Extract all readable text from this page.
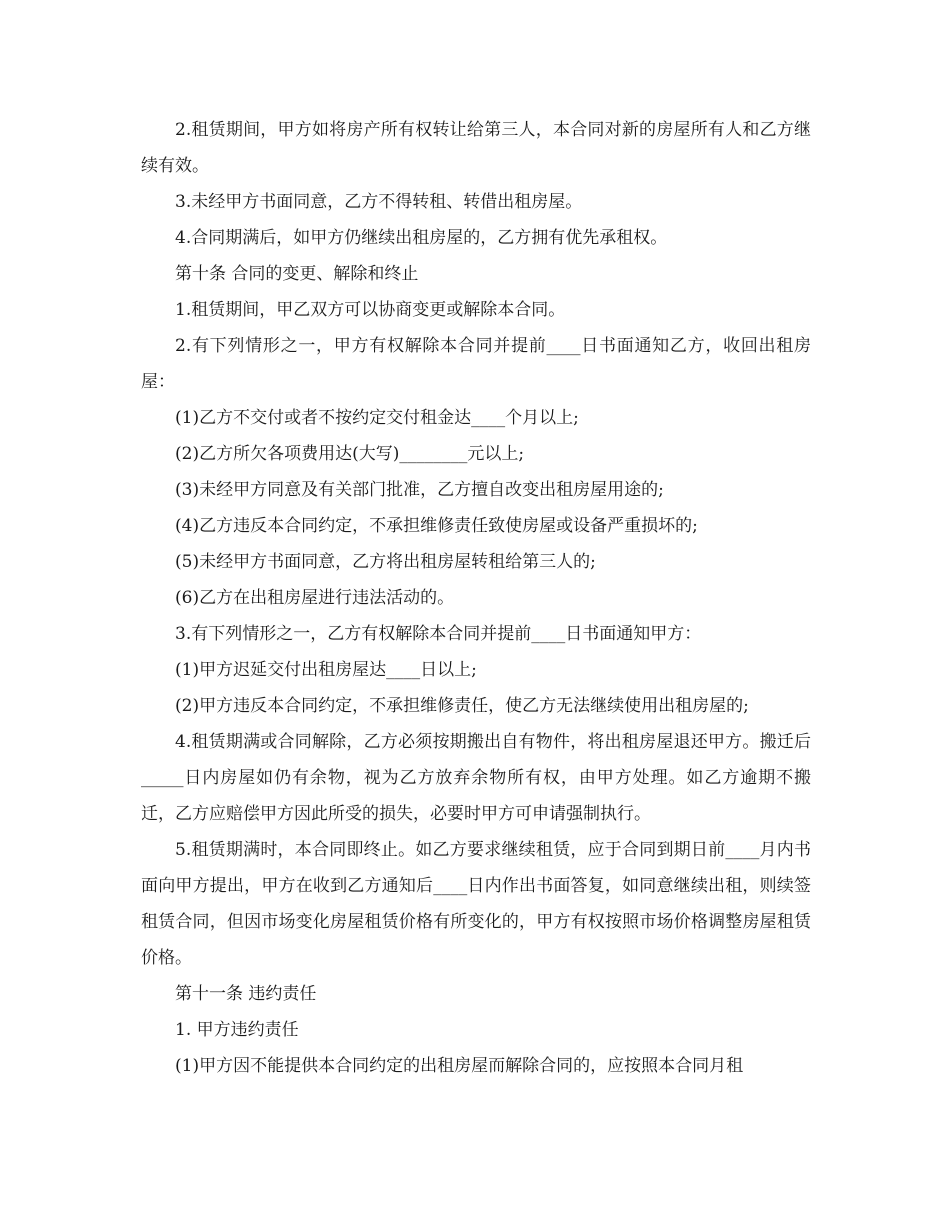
2.租赁期间，甲方如将房产所有权转让给第三人，本合同对新的房屋所有人和乙方继续有效。

3.未经甲方书面同意，乙方不得转租、转借出租房屋。

4.合同期满后，如甲方仍继续出租房屋的，乙方拥有优先承租权。

第十条 合同的变更、解除和终止

1.租赁期间，甲乙双方可以协商变更或解除本合同。

2.有下列情形之一，甲方有权解除本合同并提前____日书面通知乙方，收回出租房屋：

(1)乙方不交付或者不按约定交付租金达____个月以上;

(2)乙方所欠各项费用达(大写)________元以上;

(3)未经甲方同意及有关部门批准，乙方擅自改变出租房屋用途的;

(4)乙方违反本合同约定，不承担维修责任致使房屋或设备严重损坏的;

(5)未经甲方书面同意，乙方将出租房屋转租给第三人的;

(6)乙方在出租房屋进行违法活动的。

3.有下列情形之一，乙方有权解除本合同并提前____日书面通知甲方：

(1)甲方迟延交付出租房屋达____日以上;

(2)甲方违反本合同约定，不承担维修责任，使乙方无法继续使用出租房屋的;

4.租赁期满或合同解除，乙方必须按期搬出自有物件，将出租房屋退还甲方。搬迁后_____日内房屋如仍有余物，视为乙方放弃余物所有权，由甲方处理。如乙方逾期不搬迁，乙方应赔偿甲方因此所受的损失，必要时甲方可申请强制执行。

5.租赁期满时，本合同即终止。如乙方要求继续租赁，应于合同到期日前____月内书面向甲方提出，甲方在收到乙方通知后____日内作出书面答复，如同意继续出租，则续签租赁合同，但因市场变化房屋租赁价格有所变化的，甲方有权按照市场价格调整房屋租赁价格。

第十一条 违约责任

1. 甲方违约责任

(1)甲方因不能提供本合同约定的出租房屋而解除合同的，应按照本合同月租
